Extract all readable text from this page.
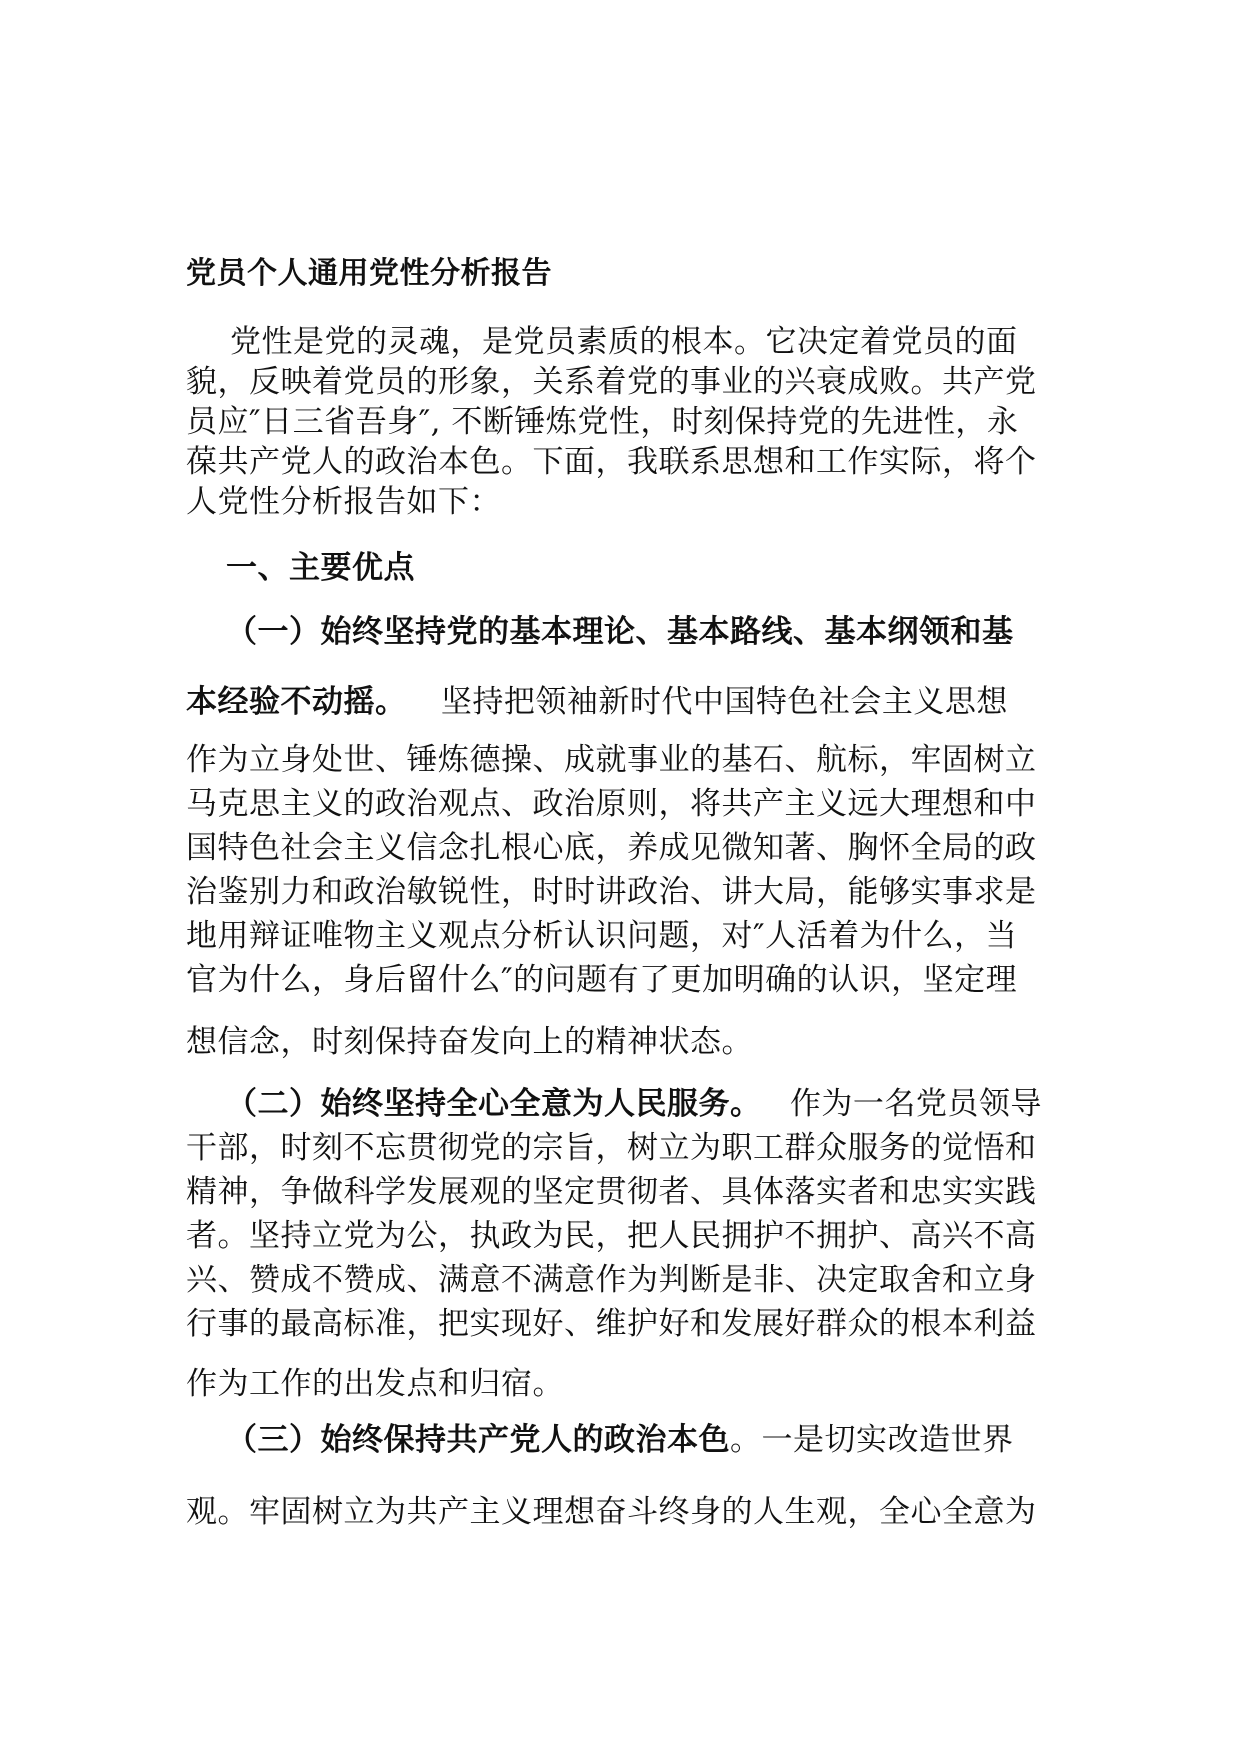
党员个人通用党性分析报告
党性是党的灵魂，是党员素质的根本。它决定着党员的面
貌，反映着党员的形象，关系着党的事业的兴衰成败。共产党
员应″日三省吾身″, 不断锤炼党性，时刻保持党的先进性，永
葆共产党人的政治本色。下面，我联系思想和工作实际，将个
人党性分析报告如下：
一、主要优点
（一）始终坚持党的基本理论、基本路线、基本纲领和基
本经验不动摇。 坚持把领袖新时代中国特色社会主义思想
作为立身处世、锤炼德操、成就事业的基石、航标，牢固树立
马克思主义的政治观点、政治原则，将共产主义远大理想和中
国特色社会主义信念扎根心底，养成见微知著、胸怀全局的政
治鉴别力和政治敏锐性，时时讲政治、讲大局，能够实事求是
地用辩证唯物主义观点分析认识问题，对″人活着为什么，当
官为什么，身后留什么″的问题有了更加明确的认识，坚定理
想信念，时刻保持奋发向上的精神状态。
（二）始终坚持全心全意为人民服务。 作为一名党员领导
干部，时刻不忘贯彻党的宗旨，树立为职工群众服务的觉悟和
精神，争做科学发展观的坚定贯彻者、具体落实者和忠实实践
者。坚持立党为公，执政为民，把人民拥护不拥护、高兴不高
兴、赞成不赞成、满意不满意作为判断是非、决定取舍和立身
行事的最高标准，把实现好、维护好和发展好群众的根本利益
作为工作的出发点和归宿。
（三）始终保持共产党人的政治本色。一是切实改造世界
观。牢固树立为共产主义理想奋斗终身的人生观，全心全意为
